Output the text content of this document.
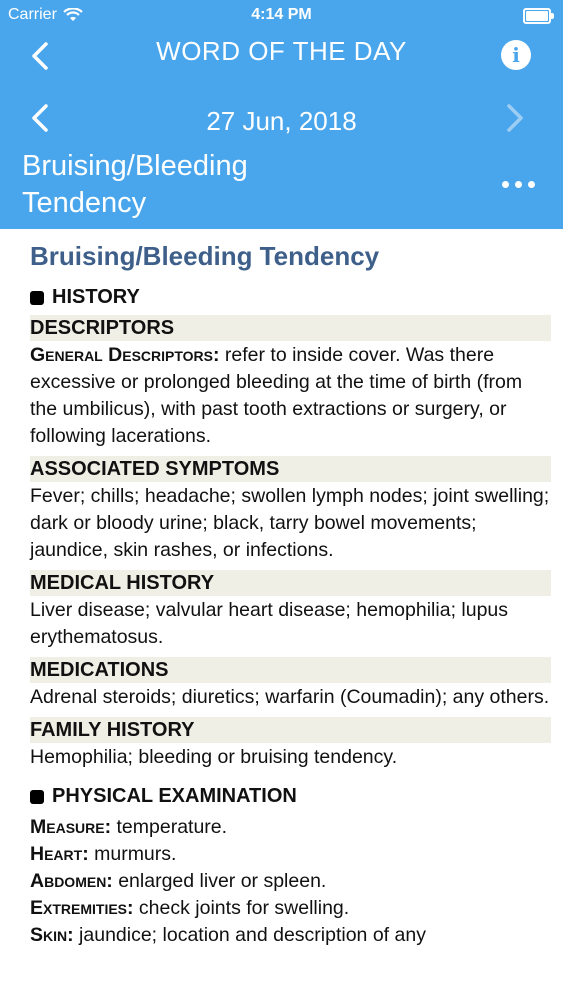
Carrier	4:14 PM
WORD OF THE DAY	i
27 Jun, 2018
Bruising/Bleeding Tendency
Bruising/Bleeding Tendency
HISTORY
DESCRIPTORS
General Descriptors: refer to inside cover. Was there excessive or prolonged bleeding at the time of birth (from the umbilicus), with past tooth extractions or surgery, or following lacerations.
ASSOCIATED SYMPTOMS
Fever; chills; headache; swollen lymph nodes; joint swelling; dark or bloody urine; black, tarry bowel movements; jaundice, skin rashes, or infections.
MEDICAL HISTORY
Liver disease; valvular heart disease; hemophilia; lupus erythematosus.
MEDICATIONS
Adrenal steroids; diuretics; warfarin (Coumadin); any others.
FAMILY HISTORY
Hemophilia; bleeding or bruising tendency.
PHYSICAL EXAMINATION
Measure: temperature.
Heart: murmurs.
Abdomen: enlarged liver or spleen.
Extremities: check joints for swelling.
Skin: jaundice; location and description of any
